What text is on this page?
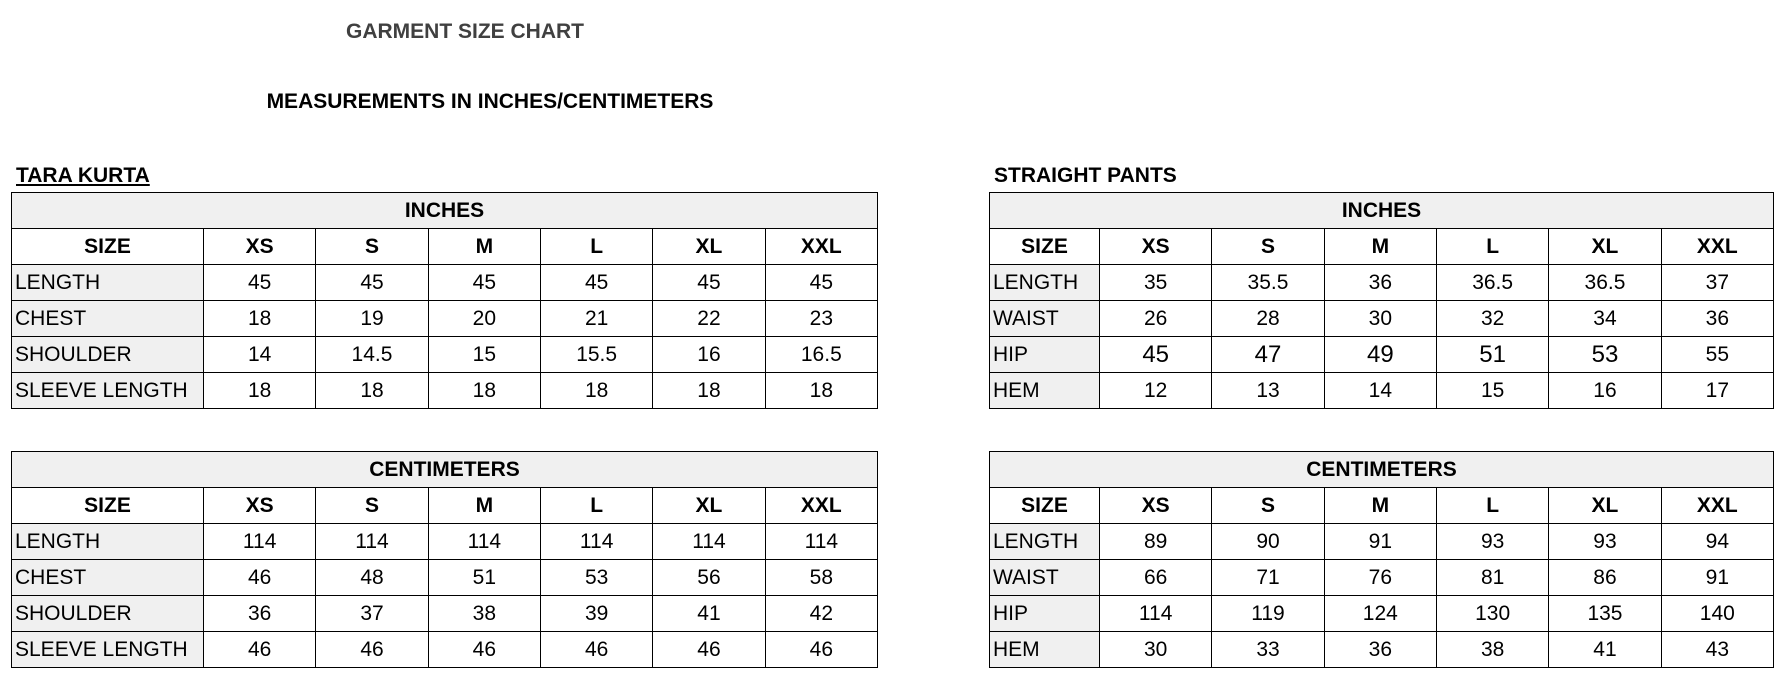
GARMENT SIZE CHART
MEASUREMENTS IN INCHES/CENTIMETERS
TARA KURTA	STRAIGHT PANTS
INCHES						
SIZE	XS	S	M	L	XL	XXL
LENGTH	45	45	45	45	45	45
CHEST	18	19	20	21	22	23
SHOULDER	14	14.5	15	15.5	16	16.5
SLEEVE LENGTH	18	18	18	18	18	18
CENTIMETERS						
SIZE	XS	S	M	L	XL	XXL
LENGTH	114	114	114	114	114	114
CHEST	46	48	51	53	56	58
SHOULDER	36	37	38	39	41	42
SLEEVE LENGTH	46	46	46	46	46	46
INCHES						
SIZE	XS	S	M	L	XL	XXL
LENGTH	35	35.5	36	36.5	36.5	37
WAIST	26	28	30	32	34	36
HIP	45	47	49	51	53	55
HEM	12	13	14	15	16	17
CENTIMETERS						
SIZE	XS	S	M	L	XL	XXL
LENGTH	89	90	91	93	93	94
WAIST	66	71	76	81	86	91
HIP	114	119	124	130	135	140
HEM	30	33	36	38	41	43
